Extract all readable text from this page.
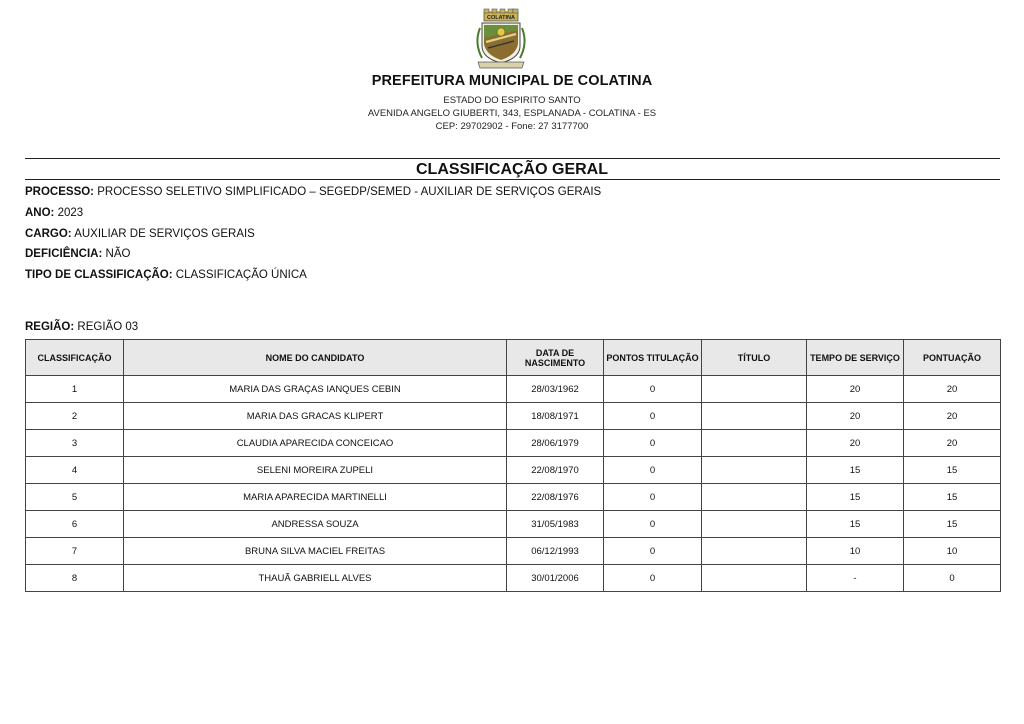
COLATINA
PREFEITURA MUNICIPAL DE COLATINA
ESTADO DO ESPIRITO SANTO
AVENIDA ANGELO GIUBERTI, 343, ESPLANADA - COLATINA - ES
CEP: 29702902 - Fone: 27 3177700
CLASSIFICAÇÃO GERAL
PROCESSO: PROCESSO SELETIVO SIMPLIFICADO – SEGEDP/SEMED - AUXILIAR DE SERVIÇOS GERAIS
ANO: 2023
CARGO: AUXILIAR DE SERVIÇOS GERAIS
DEFICIÊNCIA: NÃO
TIPO DE CLASSIFICAÇÃO: CLASSIFICAÇÃO ÚNICA
REGIÃO: REGIÃO 03
CLASSIFICAÇÃO	NOME DO CANDIDATO	DATA DE NASCIMENTO	PONTOS TITULAÇÃO	TÍTULO	TEMPO DE SERVIÇO	PONTUAÇÃO
1	MARIA DAS GRAÇAS IANQUES CEBIN	28/03/1962	0		20	20
2	MARIA DAS GRACAS KLIPERT	18/08/1971	0		20	20
3	CLAUDIA APARECIDA CONCEICAO	28/06/1979	0		20	20
4	SELENI MOREIRA ZUPELI	22/08/1970	0		15	15
5	MARIA APARECIDA MARTINELLI	22/08/1976	0		15	15
6	ANDRESSA SOUZA	31/05/1983	0		15	15
7	BRUNA SILVA MACIEL FREITAS	06/12/1993	0		10	10
8	THAUÃ GABRIELL ALVES	30/01/2006	0		-	0
